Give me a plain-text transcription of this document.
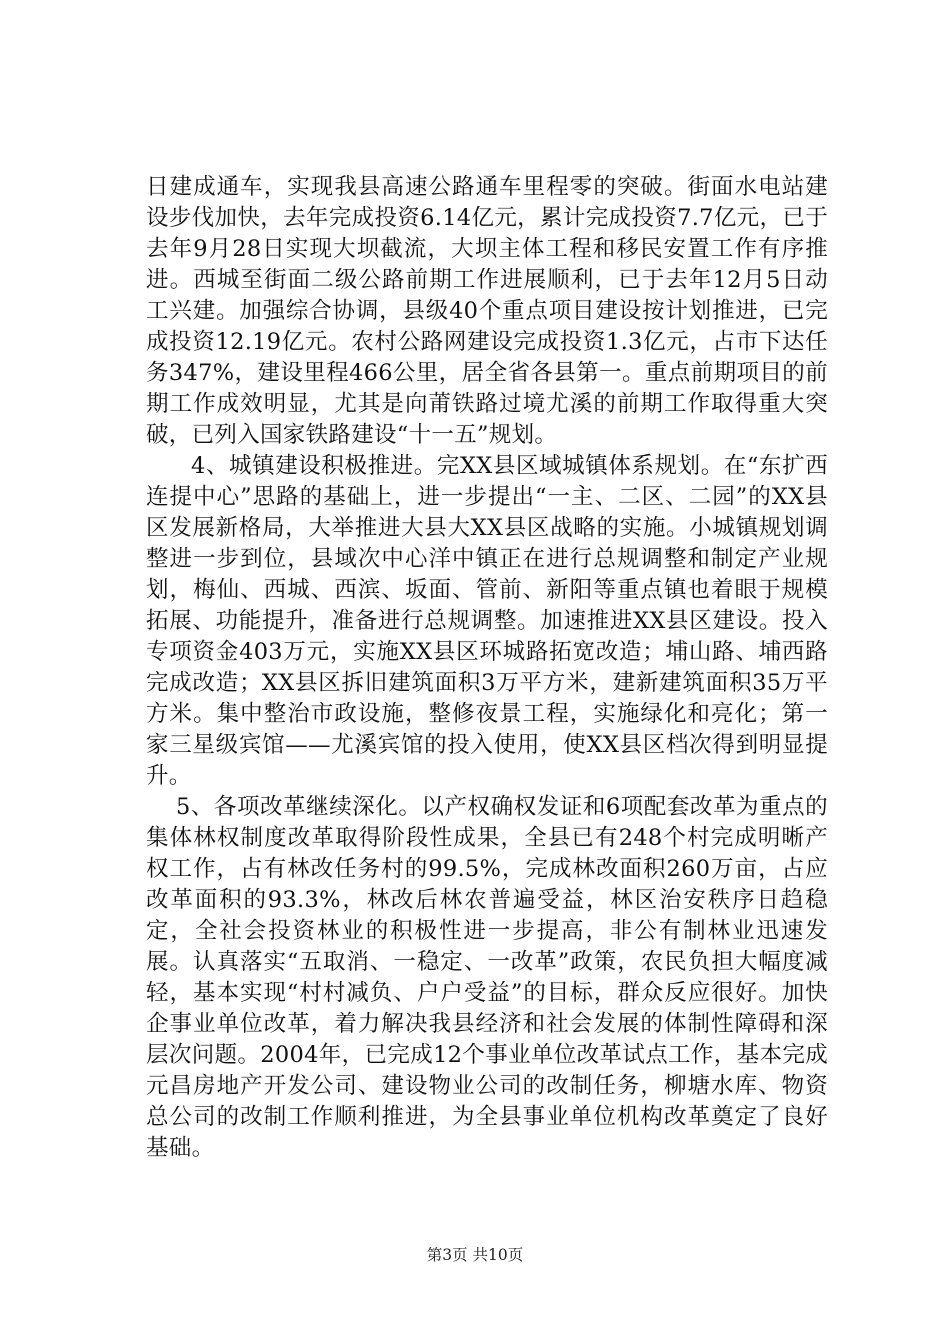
日建成通车，实现我县高速公路通车里程零的突破。街面水电站建设步伐加快，去年完成投资6.14亿元，累计完成投资7.7亿元，已于去年9月28日实现大坝截流，大坝主体工程和移民安置工作有序推进。西城至街面二级公路前期工作进展顺利，已于去年12月5日动工兴建。加强综合协调，县级40个重点项目建设按计划推进，已完成投资12.19亿元。农村公路网建设完成投资1.3亿元，占市下达任务347%，建设里程466公里，居全省各县第一。重点前期项目的前期工作成效明显，尤其是向莆铁路过境尤溪的前期工作取得重大突破，已列入国家铁路建设“十一五”规划。

4、城镇建设积极推进。完XX县区域城镇体系规划。在“东扩西连提中心”思路的基础上，进一步提出“一主、二区、二园”的XX县区发展新格局，大举推进大县大XX县区战略的实施。小城镇规划调整进一步到位，县域次中心洋中镇正在进行总规调整和制定产业规划，梅仙、西城、西滨、坂面、管前、新阳等重点镇也着眼于规模拓展、功能提升，准备进行总规调整。加速推进XX县区建设。投入专项资金403万元，实施XX县区环城路拓宽改造；埔山路、埔西路完成改造；XX县区拆旧建筑面积3万平方米，建新建筑面积35万平方米。集中整治市政设施，整修夜景工程，实施绿化和亮化；第一家三星级宾馆——尤溪宾馆的投入使用，使XX县区档次得到明显提升。

5、各项改革继续深化。以产权确权发证和6项配套改革为重点的集体林权制度改革取得阶段性成果，全县已有248个村完成明晰产权工作，占有林改任务村的99.5%，完成林改面积260万亩，占应改革面积的93.3%，林改后林农普遍受益，林区治安秩序日趋稳定，全社会投资林业的积极性进一步提高，非公有制林业迅速发展。认真落实“五取消、一稳定、一改革”政策，农民负担大幅度减轻，基本实现“村村减负、户户受益”的目标，群众反应很好。加快企事业单位改革，着力解决我县经济和社会发展的体制性障碍和深层次问题。2004年，已完成12个事业单位改革试点工作，基本完成元昌房地产开发公司、建设物业公司的改制任务，柳塘水库、物资总公司的改制工作顺利推进，为全县事业单位机构改革奠定了良好基础。

第3页 共10页
